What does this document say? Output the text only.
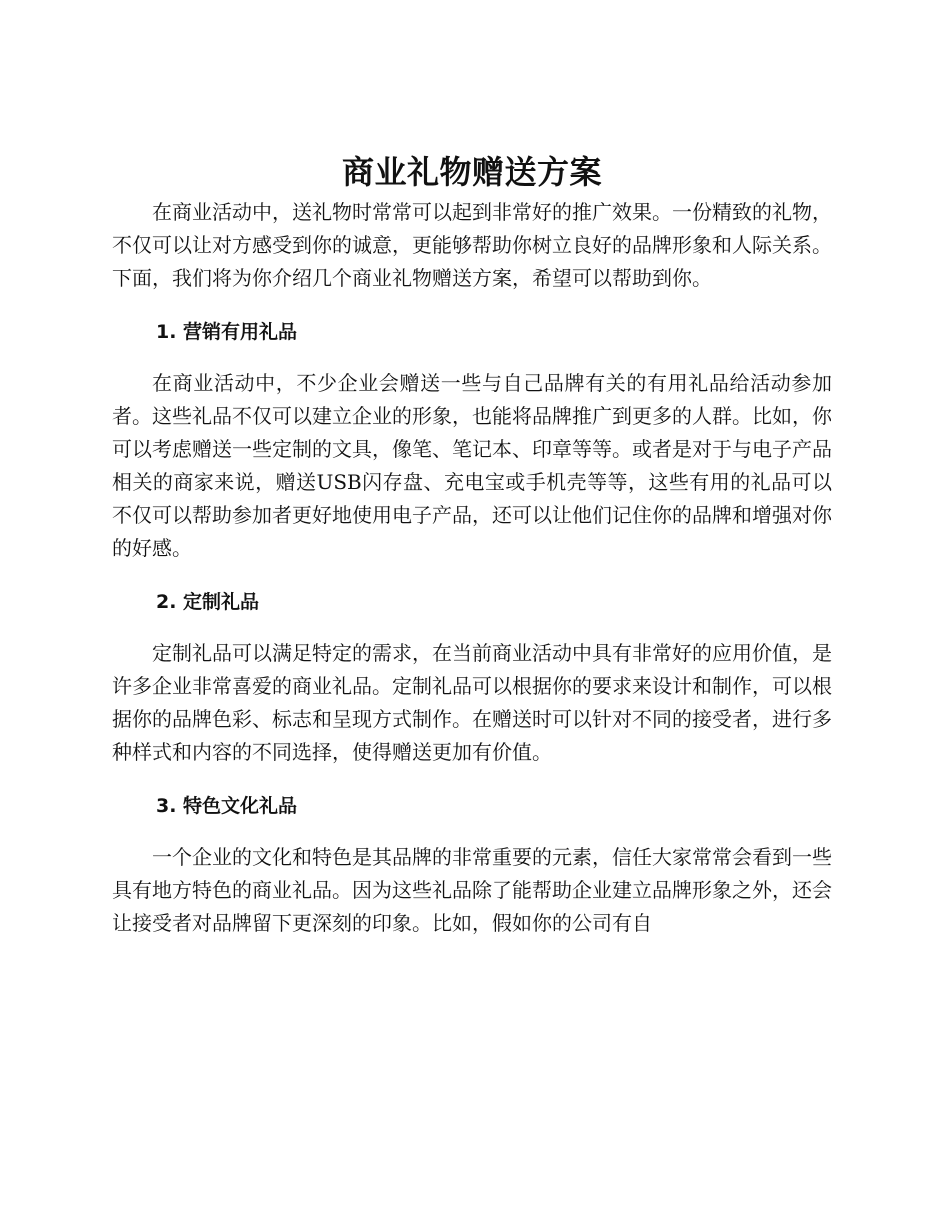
商业礼物赠送方案

在商业活动中，送礼物时常常可以起到非常好的推广效果。一份精致的礼物，不仅可以让对方感受到你的诚意，更能够帮助你树立良好的品牌形象和人际关系。下面，我们将为你介绍几个商业礼物赠送方案，希望可以帮助到你。

1. 营销有用礼品

在商业活动中，不少企业会赠送一些与自己品牌有关的有用礼品给活动参加者。这些礼品不仅可以建立企业的形象，也能将品牌推广到更多的人群。比如，你可以考虑赠送一些定制的文具，像笔、笔记本、印章等等。或者是对于与电子产品相关的商家来说，赠送USB闪存盘、充电宝或手机壳等等，这些有用的礼品可以不仅可以帮助参加者更好地使用电子产品，还可以让他们记住你的品牌和增强对你的好感。

2. 定制礼品

定制礼品可以满足特定的需求，在当前商业活动中具有非常好的应用价值，是许多企业非常喜爱的商业礼品。定制礼品可以根据你的要求来设计和制作，可以根据你的品牌色彩、标志和呈现方式制作。在赠送时可以针对不同的接受者，进行多种样式和内容的不同选择，使得赠送更加有价值。

3. 特色文化礼品

一个企业的文化和特色是其品牌的非常重要的元素，信任大家常常会看到一些具有地方特色的商业礼品。因为这些礼品除了能帮助企业建立品牌形象之外，还会让接受者对品牌留下更深刻的印象。比如，假如你的公司有自
